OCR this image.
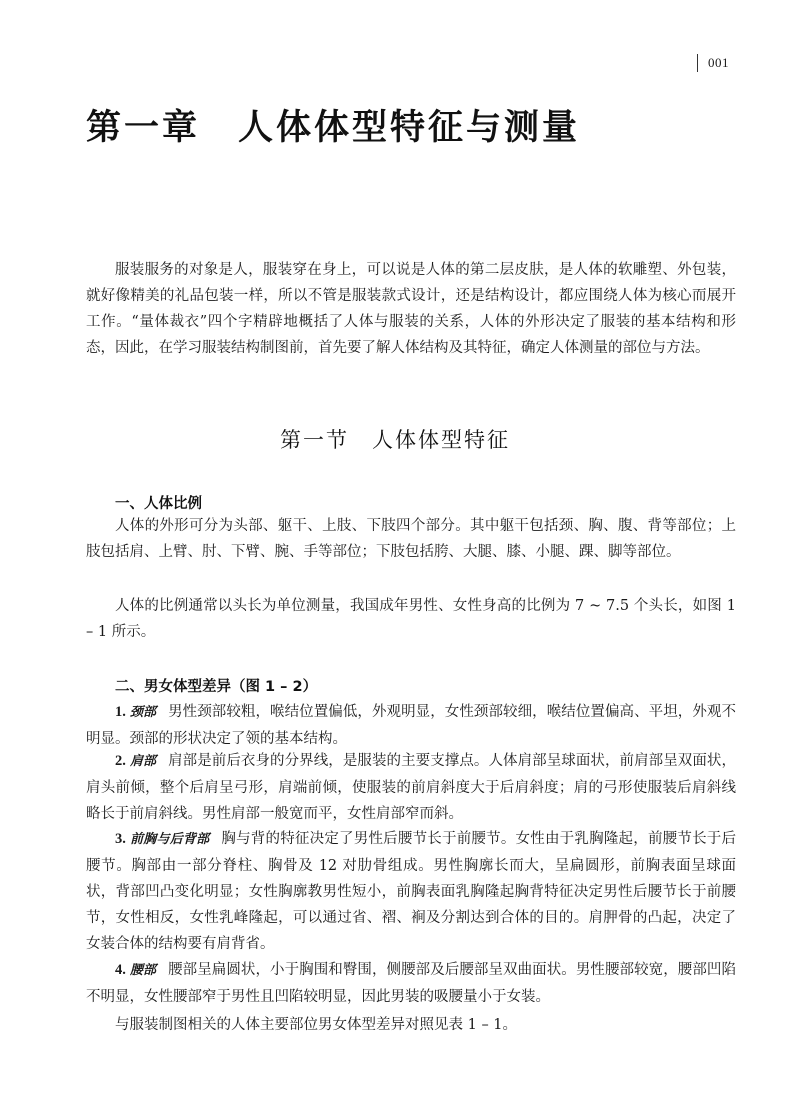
001
第一章　人体体型特征与测量

服装服务的对象是人，服装穿在身上，可以说是人体的第二层皮肤，是人体的软雕塑、外包装，就好像精美的礼品包装一样，所以不管是服装款式设计，还是结构设计，都应围绕人体为核心而展开工作。“量体裁衣”四个字精辟地概括了人体与服装的关系，人体的外形决定了服装的基本结构和形态，因此，在学习服装结构制图前，首先要了解人体结构及其特征，确定人体测量的部位与方法。

第一节　人体体型特征
一、人体比例

人体的外形可分为头部、躯干、上肢、下肢四个部分。其中躯干包括颈、胸、腹、背等部位；上肢包括肩、上臂、肘、下臂、腕、手等部位；下肢包括胯、大腿、膝、小腿、踝、脚等部位。

人体的比例通常以头长为单位测量，我国成年男性、女性身高的比例为 7 ~ 7.5 个头长，如图 1 – 1 所示。

二、男女体型差异（图 1 – 2）

1. 颈部 男性颈部较粗，喉结位置偏低，外观明显，女性颈部较细，喉结位置偏高、平坦，外观不明显。颈部的形状决定了领的基本结构。

2. 肩部 肩部是前后衣身的分界线，是服装的主要支撑点。人体肩部呈球面状，前肩部呈双面状，肩头前倾，整个后肩呈弓形，肩端前倾，使服装的前肩斜度大于后肩斜度；肩的弓形使服装后肩斜线略长于前肩斜线。男性肩部一般宽而平，女性肩部窄而斜。

3. 前胸与后背部 胸与背的特征决定了男性后腰节长于前腰节。女性由于乳胸隆起，前腰节长于后腰节。胸部由一部分脊柱、胸骨及 12 对肋骨组成。男性胸廓长而大，呈扁圆形，前胸表面呈球面状，背部凹凸变化明显；女性胸廓教男性短小，前胸表面乳胸隆起胸背特征决定男性后腰节长于前腰节，女性相反，女性乳峰隆起，可以通过省、褶、裥及分割达到合体的目的。肩胛骨的凸起，决定了女装合体的结构要有肩背省。

4. 腰部 腰部呈扁圆状，小于胸围和臀围，侧腰部及后腰部呈双曲面状。男性腰部较宽，腰部凹陷不明显，女性腰部窄于男性且凹陷较明显，因此男装的吸腰量小于女装。

与服装制图相关的人体主要部位男女体型差异对照见表 1 – 1。
